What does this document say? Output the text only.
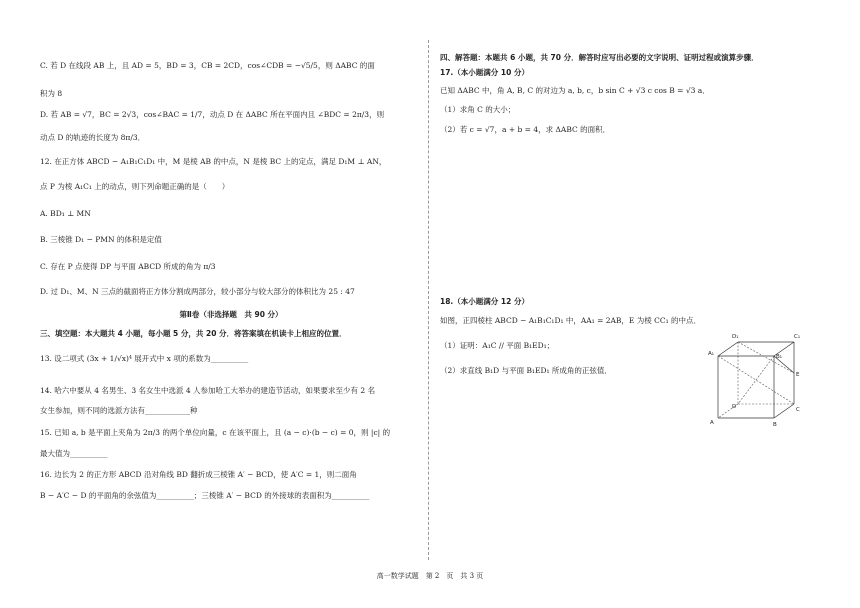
C. 若 D 在线段 AB 上，且 AD = 5，BD = 3，CB = 2CD，cos∠CDB = −√5/5，则 ΔABC 的面
积为 8
D. 若 AB = √7，BC = 2√3，cos∠BAC = 1/7，动点 D 在 ΔABC 所在平面内且 ∠BDC = 2π/3，则
动点 D 的轨迹的长度为 8π/3．
12. 在正方体 ABCD − A₁B₁C₁D₁ 中，M 是棱 AB 的中点，N 是棱 BC 上的定点，满足 D₁M ⊥ AN，
点 P 为棱 A₁C₁ 上的动点，则下列命题正确的是（　　）
A. BD₁ ⊥ MN
B. 三棱锥 D₁ − PMN 的体积是定值
C. 存在 P 点使得 DP 与平面 ABCD 所成的角为 π/3
D. 过 D₁、M、N 三点的截面将正方体分割成两部分，较小部分与较大部分的体积比为 25 : 47
第Ⅱ卷（非选择题　共 90 分）
三、填空题：本大题共 4 小题，每小题 5 分，共 20 分．将答案填在机读卡上相应的位置．
13. 设二项式 (3x + 1/√x)⁴ 展开式中 x 项的系数为__________
14. 哈六中要从 4 名男生、3 名女生中选派 4 人参加哈工大举办的建造节活动，如果要求至少有 2 名
女生参加，则不同的选派方法有____________种
15. 已知 a, b 是平面上夹角为 2π/3 的两个单位向量，c 在该平面上，且 (a − c)·(b − c) = 0，则 |c| 的
最大值为__________
16. 边长为 2 的正方形 ABCD 沿对角线 BD 翻折成三棱锥 A′ − BCD，使 A′C = 1，则二面角
B − A′C − D 的平面角的余弦值为__________；三棱锥 A′ − BCD 的外接球的表面积为__________
四、解答题：本题共 6 小题，共 70 分．解答时应写出必要的文字说明、证明过程或演算步骤．
17.（本小题满分 10 分）
已知 ΔABC 中，角 A, B, C 的对边为 a, b, c，b sin C + √3 c cos B = √3 a．
（1）求角 C 的大小；
（2）若 c = √7，a + b = 4，求 ΔABC 的面积．
18.（本小题满分 12 分）
如图，正四棱柱 ABCD − A₁B₁C₁D₁ 中，AA₁ = 2AB，E 为棱 CC₁ 的中点．
（1）证明：A₁C // 平面 B₁ED₁；
（2）求直线 B₁D 与平面 B₁ED₁ 所成角的正弦值．
D₁	C₁
A₁	B₁
E
D	C
A	B
高一数学试题　第 2　页　共 3 页
